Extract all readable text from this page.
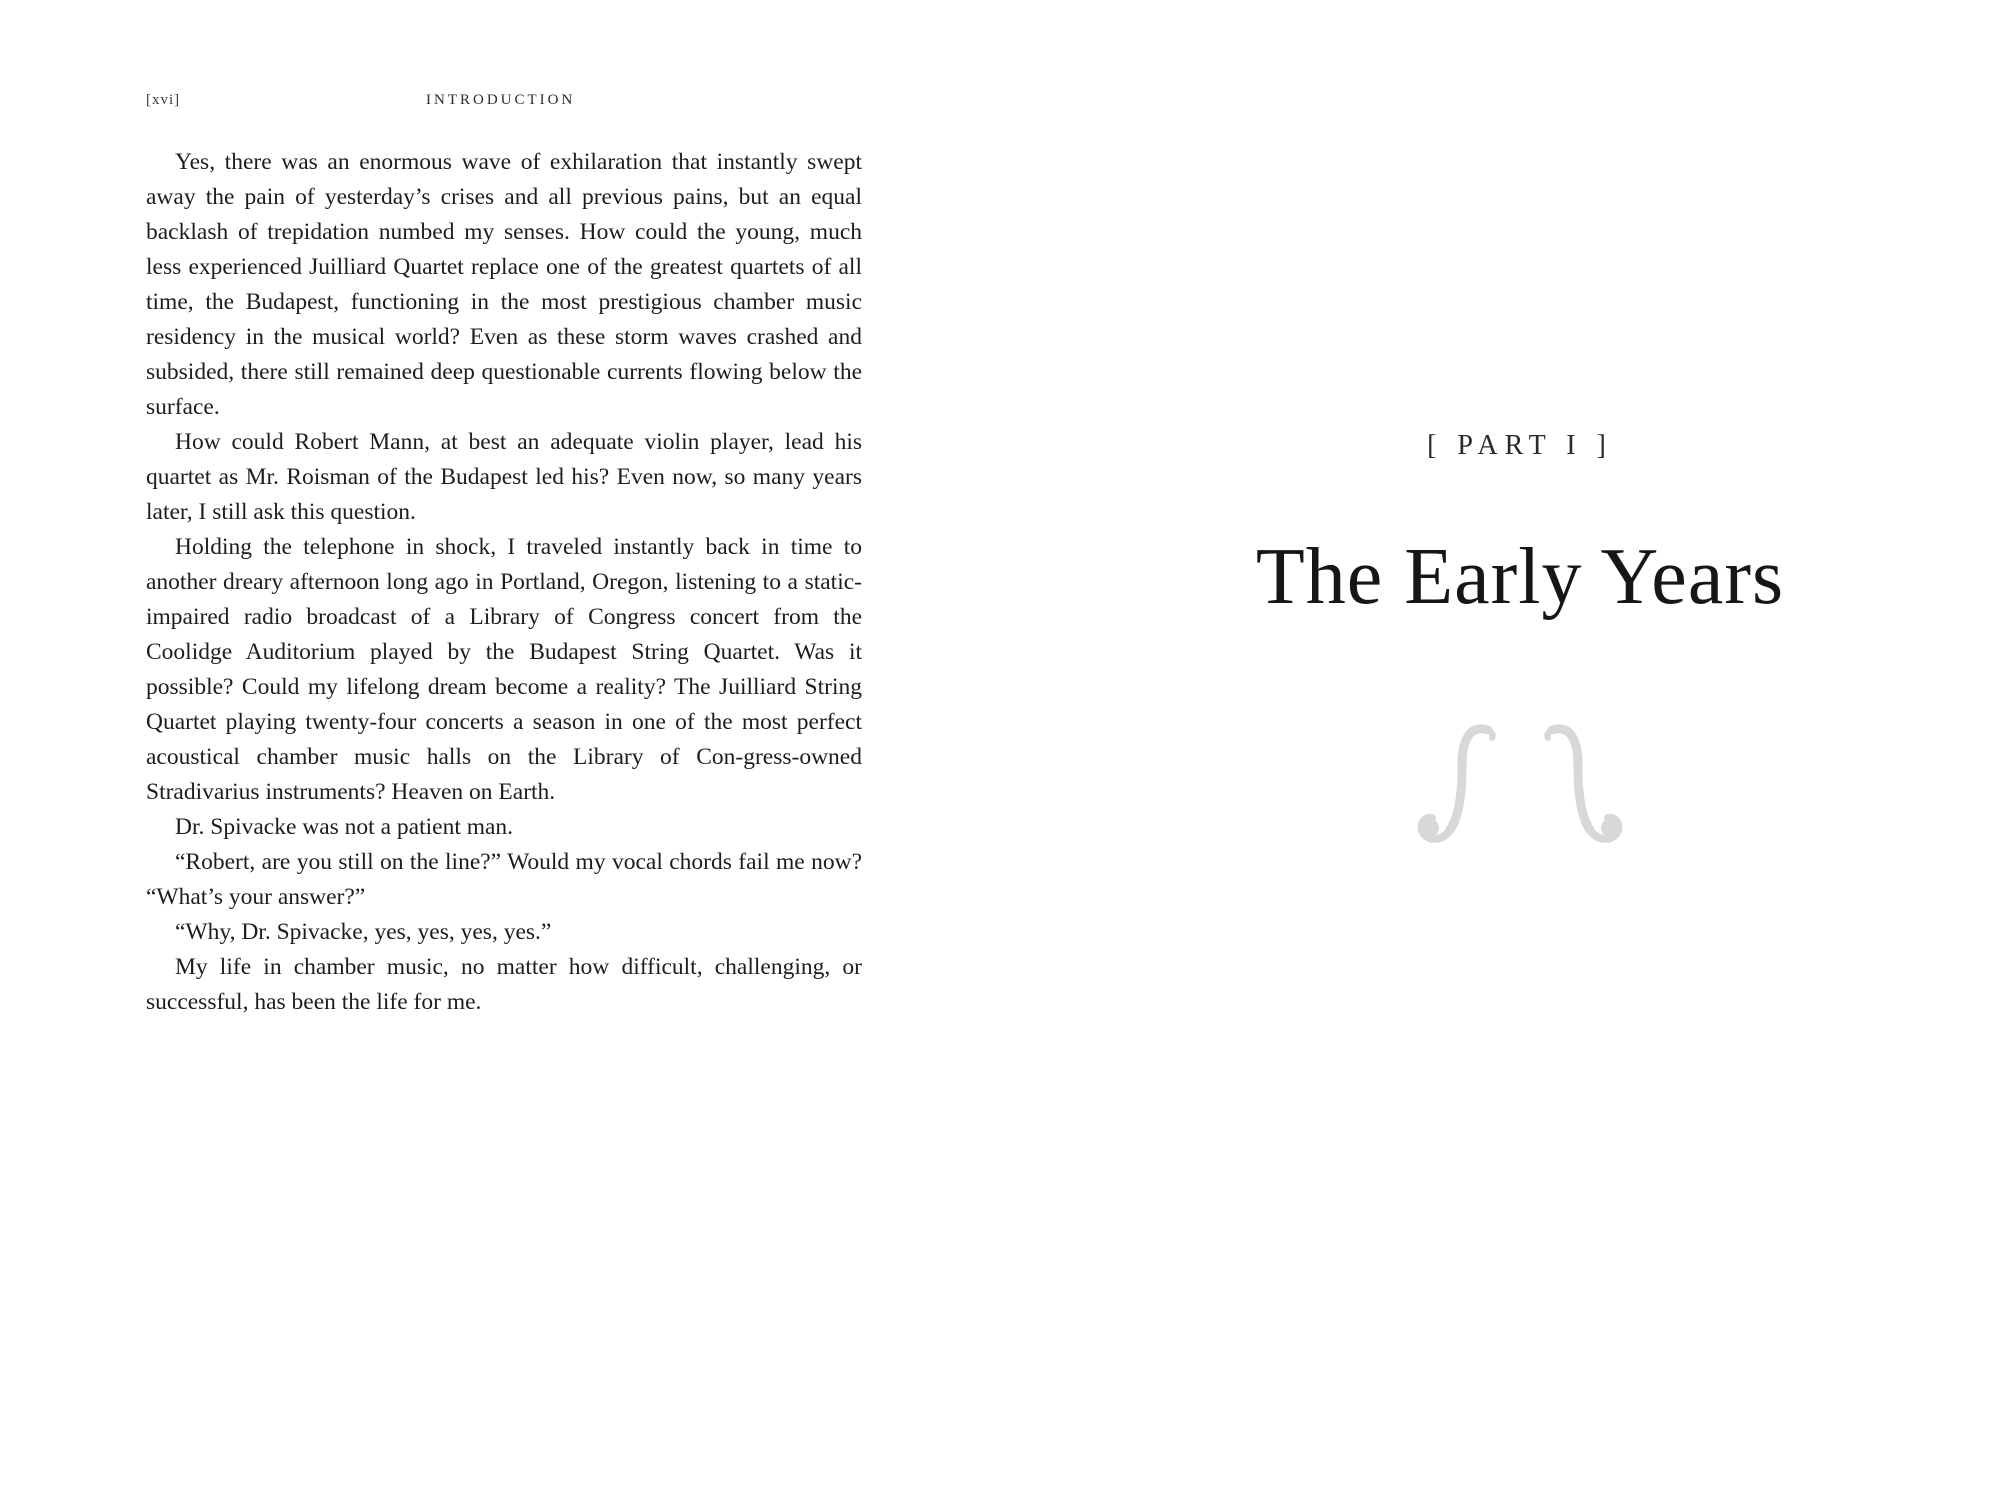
[xvi]	INTRODUCTION

Yes, there was an enormous wave of exhilaration that instantly swept away the pain of yesterday’s crises and all previous pains, but an equal backlash of trepidation numbed my senses. How could the young, much less experienced Juilliard Quartet replace one of the greatest quartets of all time, the Budapest, functioning in the most prestigious chamber music residency in the musical world? Even as these storm waves crashed and subsided, there still remained deep questionable currents flowing below the surface.

How could Robert Mann, at best an adequate violin player, lead his quartet as Mr. Roisman of the Budapest led his? Even now, so many years later, I still ask this question.

Holding the telephone in shock, I traveled instantly back in time to another dreary afternoon long ago in Portland, Oregon, listening to a static-impaired radio broadcast of a Library of Congress concert from the Coolidge Auditorium played by the Budapest String Quartet. Was it possible? Could my lifelong dream become a reality? The Juilliard String Quartet playing twenty-four concerts a season in one of the most perfect acoustical chamber music halls on the Library of Con-gress-owned Stradivarius instruments? Heaven on Earth.

Dr. Spivacke was not a patient man.

“Robert, are you still on the line?” Would my vocal chords fail me now? “What’s your answer?”

“Why, Dr. Spivacke, yes, yes, yes, yes.”

My life in chamber music, no matter how difficult, challenging, or successful, has been the life for me.

[ PART I ]
The Early Years
